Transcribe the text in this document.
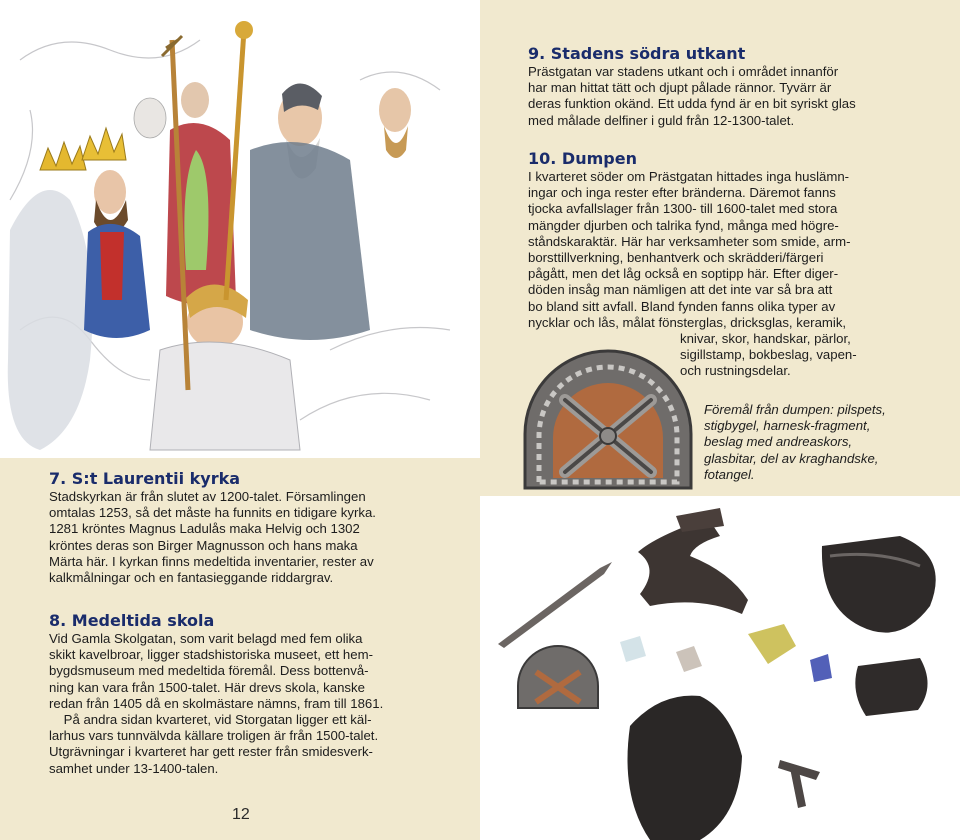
7. S:t Laurentii kyrka

Stadskyrkan är från slutet av 1200-talet. Församlingen
omtalas 1253, så det måste ha funnits en tidigare kyrka.
1281 kröntes Magnus Ladulås maka Helvig och 1302
kröntes deras son Birger Magnusson och hans maka
Märta här. I kyrkan finns medeltida inventarier, rester av
kalkmålningar och en fantasieggande riddargrav.

8. Medeltida skola

Vid Gamla Skolgatan, som varit belagd med fem olika
skikt kavelbroar, ligger stadshistoriska museet, ett hem-
bygdsmuseum med medeltida föremål. Dess bottenvå-
ning kan vara från 1500-talet. Här drevs skola, kanske
redan från 1405 då en skolmästare nämns, fram till 1861.
På andra sidan kvarteret, vid Storgatan ligger ett käl-
larhus vars tunnvälvda källare troligen är från 1500-talet.
Utgrävningar i kvarteret har gett rester från smidesverk-
samhet under 13-1400-talen.

12
9. Stadens södra utkant

Prästgatan var stadens utkant och i området innanför
har man hittat tätt och djupt pålade rännor. Tyvärr är
deras funktion okänd. Ett udda fynd är en bit syriskt glas
med målade delfiner i guld från 12-1300-talet.

10. Dumpen

I kvarteret söder om Prästgatan hittades inga huslämn-
ingar och inga rester efter bränderna. Däremot fanns
tjocka avfallslager från 1300- till 1600-talet med stora
mängder djurben och talrika fynd, många med högre-
ståndskaraktär. Här har verksamheter som smide, arm-
borsttillverkning, benhantverk och skrädderi/färgeri
pågått, men det låg också en soptipp här. Efter diger-
döden insåg man nämligen att det inte var så bra att
bo bland sitt avfall. Bland fynden fanns olika typer av
nycklar och lås, målat fönsterglas, dricksglas, keramik,

knivar, skor, handskar, pärlor,
sigillstamp, bokbeslag, vapen-
och rustningsdelar.

Föremål från dumpen: pilspets,
stigbygel, harnesk-fragment,
beslag med andreaskors,
glasbitar, del av kraghandske,
fotangel.
